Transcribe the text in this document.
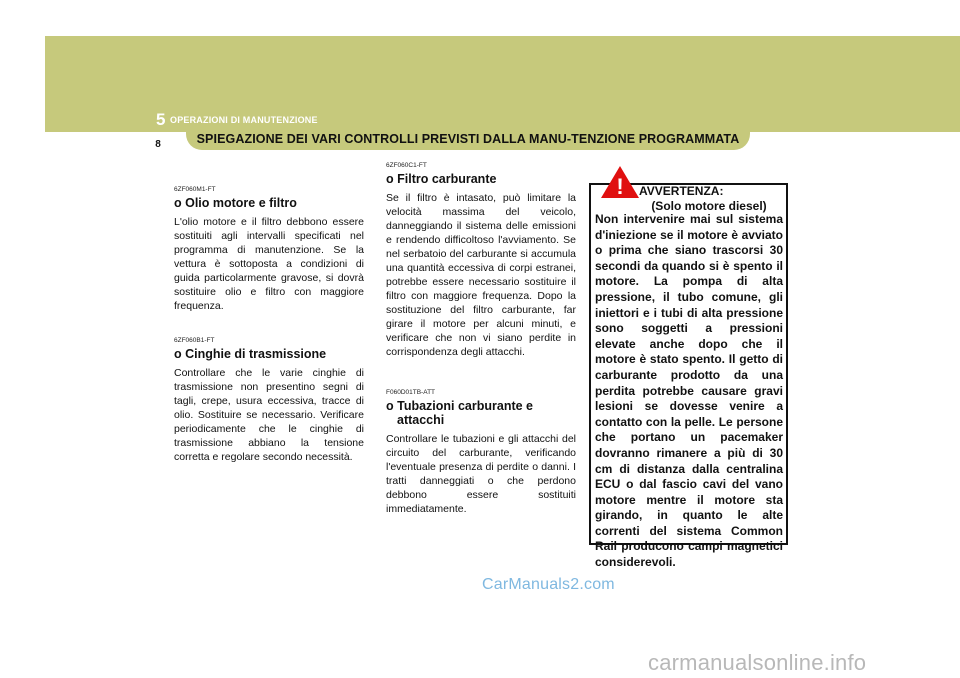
5 OPERAZIONI DI MANUTENZIONE
8	SPIEGAZIONE DEI VARI CONTROLLI PREVISTI DALLA MANU-TENZIONE PROGRAMMATA
6ZF060M1-FT
o Olio motore e filtro

L'olio motore e il filtro debbono essere sostituiti agli intervalli specificati nel programma di manutenzione. Se la vettura è sottoposta a condizioni di guida particolarmente gravose, si dovrà sostituire olio e filtro con maggiore frequenza.

6ZF060B1-FT
o Cinghie di trasmissione

Controllare che le varie cinghie di trasmissione non presentino segni di tagli, crepe, usura eccessiva, tracce di olio. Sostituire se necessario. Verificare periodicamente che le cinghie di trasmissione abbiano la tensione corretta e regolare secondo necessità.

6ZF060C1-FT
o Filtro carburante

Se il filtro è intasato, può limitare la velocità massima del veicolo, danneggiando il sistema delle emissioni e rendendo difficoltoso l'avviamento. Se nel serbatoio del carburante si accumula una quantità eccessiva di corpi estranei, potrebbe essere necessario sostituire il filtro con maggiore frequenza. Dopo la sostituzione del filtro carburante, far girare il motore per alcuni minuti, e verificare che non vi siano perdite in corrispondenza degli attacchi.

F060D01TB-ATT
o Tubazioni carburante e attacchi

Controllare le tubazioni e gli attacchi del circuito del carburante, verificando l'eventuale presenza di perdite o danni. I tratti danneggiati o che perdono debbono essere sostituiti immediatamente.

! AVVERTENZA:
(Solo motore diesel)
Non intervenire mai sul sistema d'iniezione se il motore è avviato o prima che siano trascorsi 30 secondi da quando si è spento il motore. La pompa di alta pressione, il tubo comune, gli iniettori e i tubi di alta pressione sono soggetti a pressioni elevate anche dopo che il motore è stato spento. Il getto di carburante prodotto da una perdita potrebbe causare gravi lesioni se dovesse venire a contatto con la pelle. Le persone che portano un pacemaker dovranno rimanere a più di 30 cm di distanza dalla centralina ECU o dal fascio cavi del vano motore mentre il motore sta girando, in quanto le alte correnti del sistema Common Rail producono campi magnetici considerevoli.
CarManuals2.com
carmanualsonline.info
